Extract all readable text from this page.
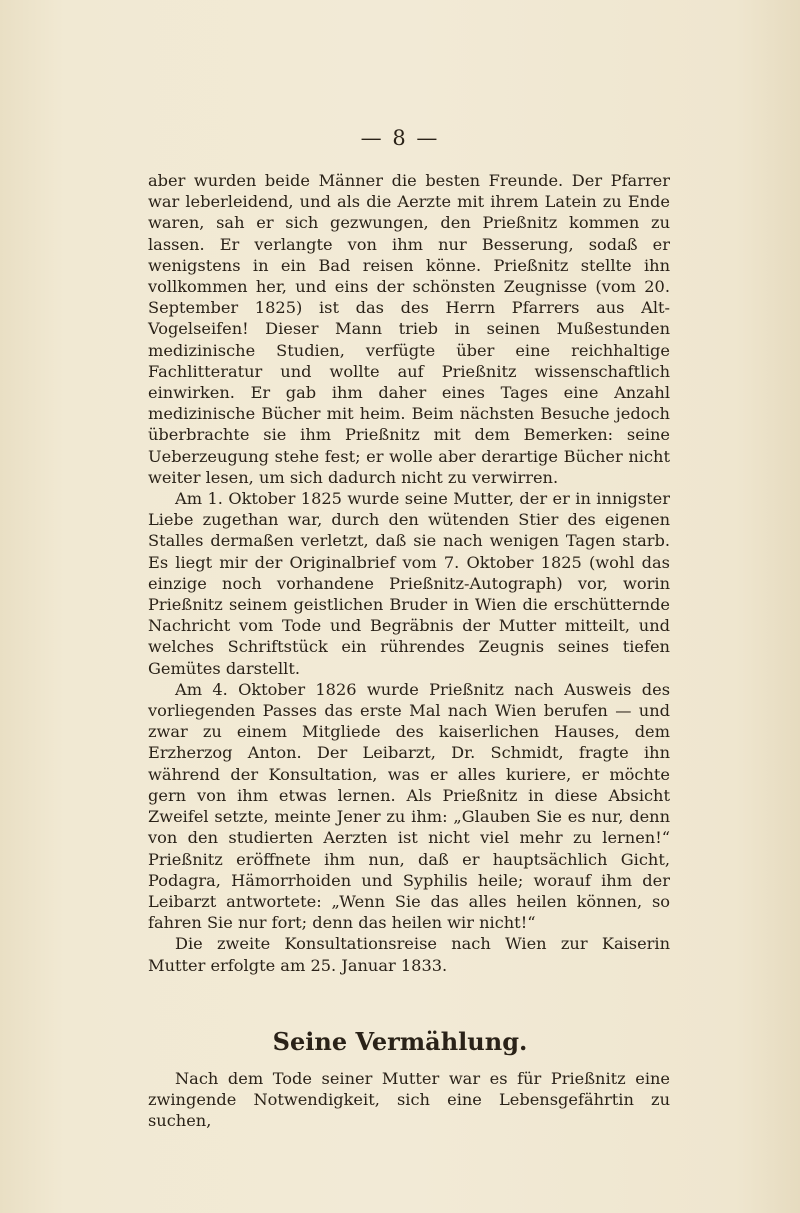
— 8 —

aber wurden beide Männer die besten Freunde. Der Pfarrer war leberleidend, und als die Aerzte mit ihrem Latein zu Ende waren, sah er sich gezwungen, den Prießnitz kommen zu lassen. Er verlangte von ihm nur Besserung, sodaß er wenigstens in ein Bad reisen könne. Prießnitz stellte ihn vollkommen her, und eins der schönsten Zeugnisse (vom 20. September 1825) ist das des Herrn Pfarrers aus Alt-Vogelseifen! Dieser Mann trieb in seinen Mußestunden medizinische Studien, verfügte über eine reichhaltige Fachlitteratur und wollte auf Prießnitz wissenschaftlich einwirken. Er gab ihm daher eines Tages eine Anzahl medizinische Bücher mit heim. Beim nächsten Besuche jedoch überbrachte sie ihm Prießnitz mit dem Bemerken: seine Ueberzeugung stehe fest; er wolle aber derartige Bücher nicht weiter lesen, um sich dadurch nicht zu verwirren.

Am 1. Oktober 1825 wurde seine Mutter, der er in innigster Liebe zugethan war, durch den wütenden Stier des eigenen Stalles dermaßen verletzt, daß sie nach wenigen Tagen starb. Es liegt mir der Originalbrief vom 7. Oktober 1825 (wohl das einzige noch vorhandene Prießnitz-Autograph) vor, worin Prießnitz seinem geistlichen Bruder in Wien die erschütternde Nachricht vom Tode und Begräbnis der Mutter mitteilt, und welches Schriftstück ein rührendes Zeugnis seines tiefen Gemütes darstellt.

Am 4. Oktober 1826 wurde Prießnitz nach Ausweis des vorliegenden Passes das erste Mal nach Wien berufen — und zwar zu einem Mitgliede des kaiserlichen Hauses, dem Erzherzog Anton. Der Leibarzt, Dr. Schmidt, fragte ihn während der Konsultation, was er alles kuriere, er möchte gern von ihm etwas lernen. Als Prießnitz in diese Absicht Zweifel setzte, meinte Jener zu ihm: „Glauben Sie es nur, denn von den studierten Aerzten ist nicht viel mehr zu lernen!“ Prießnitz eröffnete ihm nun, daß er hauptsächlich Gicht, Podagra, Hämorrhoiden und Syphilis heile; worauf ihm der Leibarzt antwortete: „Wenn Sie das alles heilen können, so fahren Sie nur fort; denn das heilen wir nicht!“

Die zweite Konsultationsreise nach Wien zur Kaiserin Mutter erfolgte am 25. Januar 1833.

Seine Vermählung.

Nach dem Tode seiner Mutter war es für Prießnitz eine zwingende Notwendigkeit, sich eine Lebensgefährtin zu suchen,
